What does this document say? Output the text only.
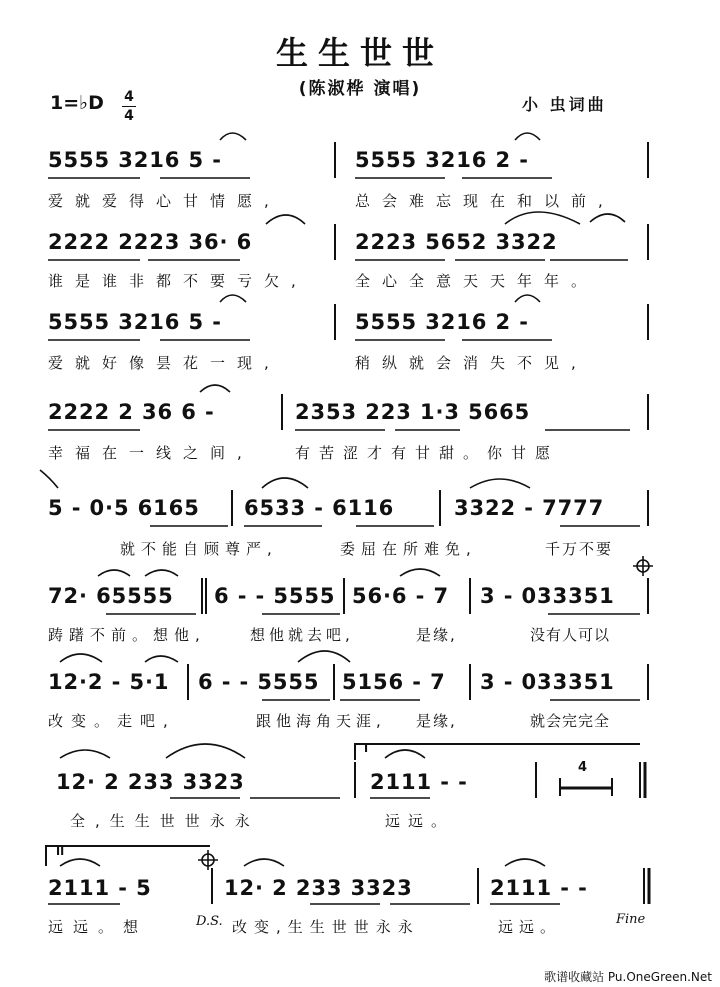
生生世世
(陈淑桦 演唱)
1=♭D 4
4
小 虫词曲
5555 3216 5 -	5555 3216 2 -
爱就爱得心甘情愿,	总会难忘现在和以前,
2222 2223 36· 6	2223 5652 3322
谁是谁非都不要亏欠,	全心全意天天年年。
5555 3216 5 -	5555 3216 2 -
爱就好像昙花一现,	稍纵就会消失不见,
2222 2 36 6 -	2353 223 1·3 5665
幸福在一线之间,	有苦涩才有甘甜。你甘愿
5 - 0·5 6165 6533 - 6116	3322 - 7777
就不能自顾尊严,	委屈在所难免,	千万不要
72· 65555 6 - - 5555 56·6 - 7 3 - 033351
踌躇不前。想他,	想他就去吧,	是缘,	没有人可以
12·2 - 5·1 6 - - 5555 5156 - 7 3 - 033351
改变。走吧,	跟他海角天涯, 是缘,	就会完完全
I
12· 2 233 3323	2111 - -
4
全,生生世世永永	远远。
II
2111 - 5	12· 2 233 3323	2111 - -
远远。想	D.S. 改变,生生世世永永	远远。	Fine
歌谱收藏站 Pu.OneGreen.Net
